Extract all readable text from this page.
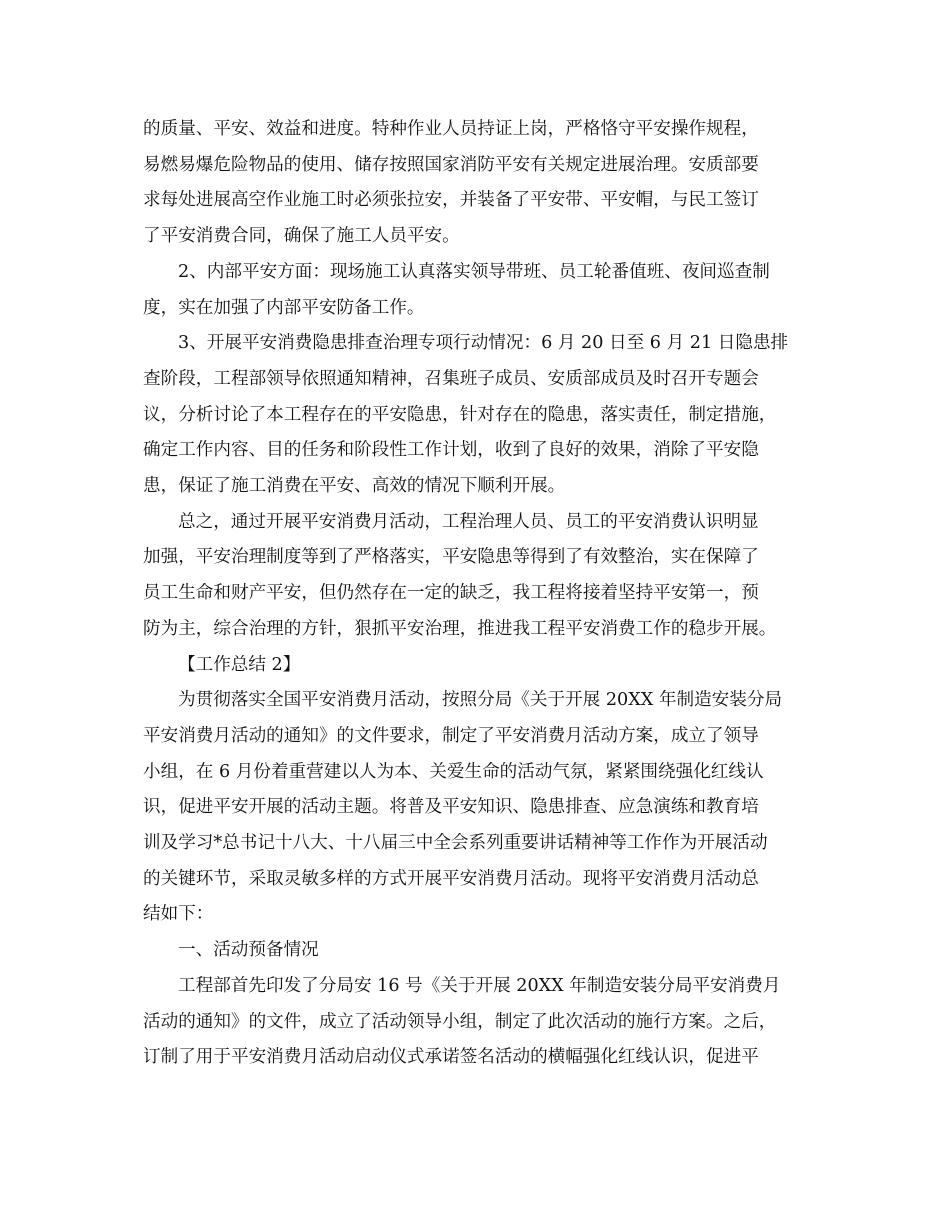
的质量、平安、效益和进度。特种作业人员持证上岗，严格恪守平安操作规程，
易燃易爆危险物品的使用、储存按照国家消防平安有关规定进展治理。安质部要
求每处进展高空作业施工时必须张拉安，并装备了平安带、平安帽，与民工签订
了平安消费合同，确保了施工人员平安。

2、内部平安方面：现场施工认真落实领导带班、员工轮番值班、夜间巡查制
度，实在加强了内部平安防备工作。

3、开展平安消费隐患排查治理专项行动情况：6 月 20 日至 6 月 21 日隐患排
查阶段，工程部领导依照通知精神，召集班子成员、安质部成员及时召开专题会
议，分析讨论了本工程存在的平安隐患，针对存在的隐患，落实责任，制定措施，
确定工作内容、目的任务和阶段性工作计划，收到了良好的效果，消除了平安隐
患，保证了施工消费在平安、高效的情况下顺利开展。

总之，通过开展平安消费月活动，工程治理人员、员工的平安消费认识明显
加强，平安治理制度等到了严格落实，平安隐患等得到了有效整治，实在保障了
员工生命和财产平安，但仍然存在一定的缺乏，我工程将接着坚持平安第一，预
防为主，综合治理的方针，狠抓平安治理，推进我工程平安消费工作的稳步开展。

【工作总结 2】

为贯彻落实全国平安消费月活动，按照分局《关于开展 20XX 年制造安装分局
平安消费月活动的通知》的文件要求，制定了平安消费月活动方案，成立了领导
小组，在 6 月份着重营建以人为本、关爱生命的活动气氛，紧紧围绕强化红线认
识，促进平安开展的活动主题。将普及平安知识、隐患排查、应急演练和教育培
训及学习*总书记十八大、十八届三中全会系列重要讲话精神等工作作为开展活动
的关键环节，采取灵敏多样的方式开展平安消费月活动。现将平安消费月活动总
结如下：

一、活动预备情况

工程部首先印发了分局安 16 号《关于开展 20XX 年制造安装分局平安消费月
活动的通知》的文件，成立了活动领导小组，制定了此次活动的施行方案。之后，
订制了用于平安消费月活动启动仪式承诺签名活动的横幅强化红线认识，促进平
